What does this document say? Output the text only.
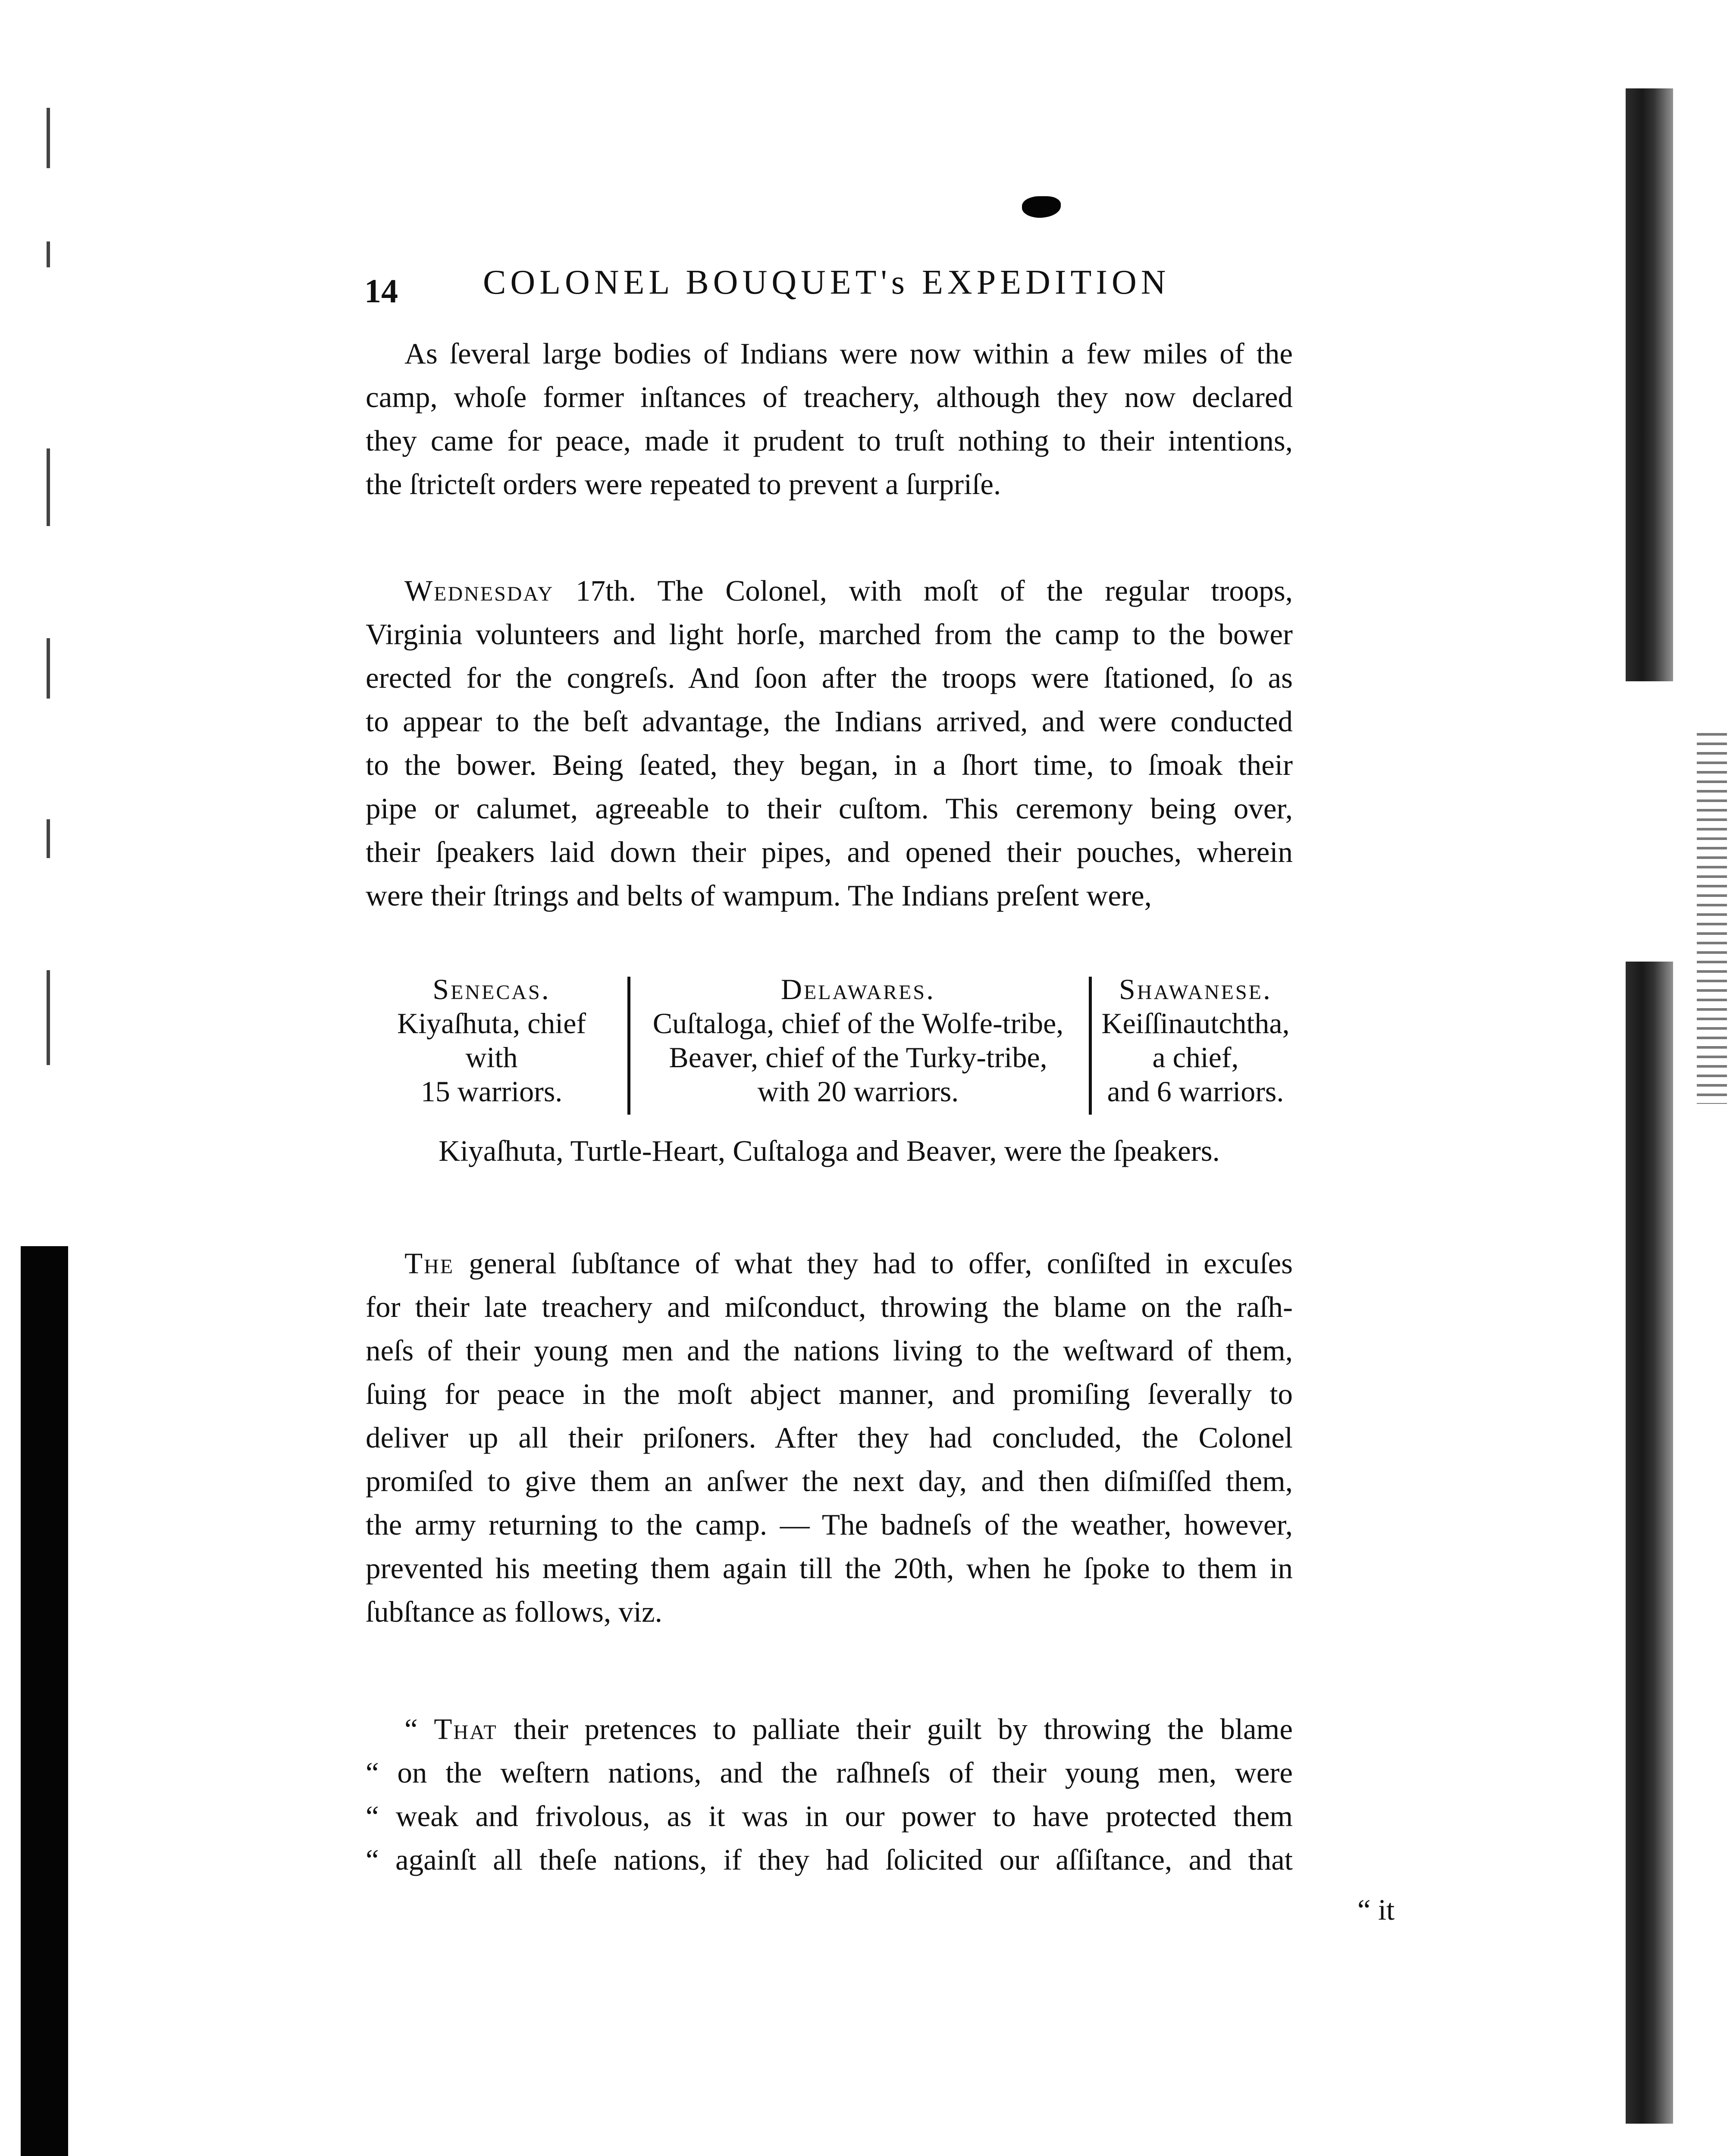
14 COLONEL BOUQUET's EXPEDITION
As ſeveral large bodies of Indians were now within a few miles of the
camp, whoſe former inſtances of treachery, although they now declared
they came for peace, made it prudent to truſt nothing to their intentions,
the ſtricteſt orders were repeated to prevent a ſurpriſe.
Wednesday 17th. The Colonel, with moſt of the regular troops,
Virginia volunteers and light horſe, marched from the camp to the bower
erected for the congreſs. And ſoon after the troops were ſtationed, ſo as
to appear to the beſt advantage, the Indians arrived, and were conducted
to the bower. Being ſeated, they began, in a ſhort time, to ſmoak their
pipe or calumet, agreeable to their cuſtom. This ceremony being over,
their ſpeakers laid down their pipes, and opened their pouches, wherein
were their ſtrings and belts of wampum. The Indians preſent were,
Senecas.
Kiyaſhuta, chief
with
15 warriors.
Delawares.
Cuſtaloga, chief of the Wolfe-tribe,
Beaver, chief of the Turky-tribe,
with 20 warriors.
Shawanese.
Keiſſinautchtha,
a chief,
and 6 warriors.
Kiyaſhuta, Turtle-Heart, Cuſtaloga and Beaver, were the ſpeakers.
The general ſubſtance of what they had to offer, conſiſted in excuſes
for their late treachery and miſconduct, throwing the blame on the raſh-
neſs of their young men and the nations living to the weſtward of them,
ſuing for peace in the moſt abject manner, and promiſing ſeverally to
deliver up all their priſoners. After they had concluded, the Colonel
promiſed to give them an anſwer the next day, and then diſmiſſed them,
the army returning to the camp. — The badneſs of the weather, however,
prevented his meeting them again till the 20th, when he ſpoke to them in
ſubſtance as follows, viz.
“ That their pretences to palliate their guilt by throwing the blame
“ on the weſtern nations, and the raſhneſs of their young men, were
“ weak and frivolous, as it was in our power to have protected them
“ againſt all theſe nations, if they had ſolicited our aſſiſtance, and that
“ it
